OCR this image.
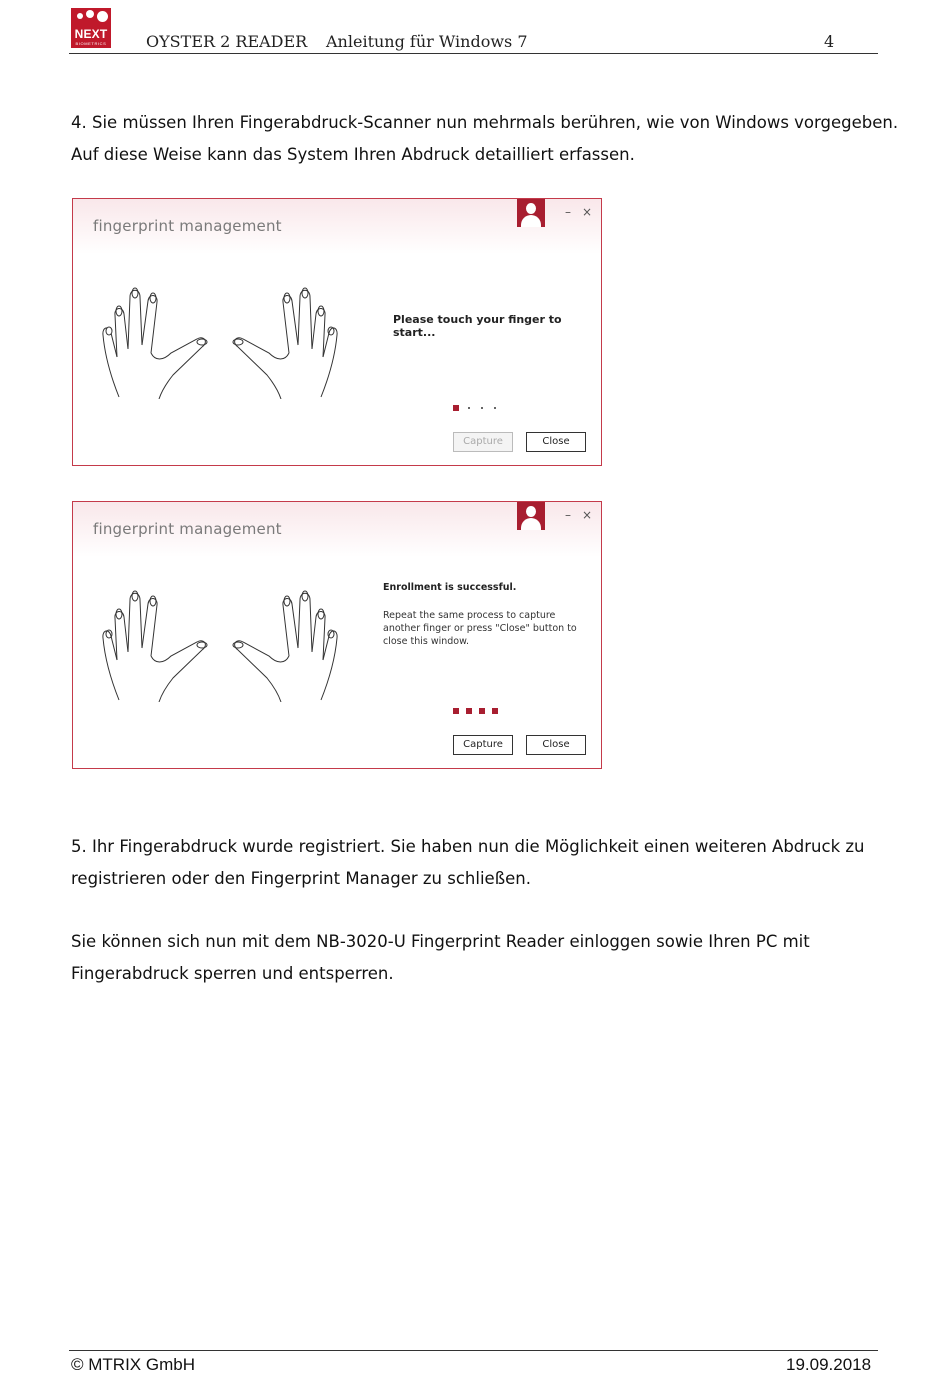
NEXT
BIOMETRICS OYSTER 2 READER Anleitung für Windows 7	4
4. Sie müssen Ihren Fingerabdruck-Scanner nun mehrmals berühren, wie von Windows vorgegeben.
Auf diese Weise kann das System Ihren Abdruck detailliert erfassen.
fingerprint management
– ×
Please touch your finger to start...
Capture	Close
fingerprint management
– ×
Enrollment is successful.
Repeat the same process to capture another finger or press "Close" button to close this window.
Capture	Close
5. Ihr Fingerabdruck wurde registriert. Sie haben nun die Möglichkeit einen weiteren Abdruck zu
registrieren oder den Fingerprint Manager zu schließen.
Sie können sich nun mit dem NB-3020-U Fingerprint Reader einloggen sowie Ihren PC mit
Fingerabdruck sperren und entsperren.
© MTRIX GmbH	19.09.2018
